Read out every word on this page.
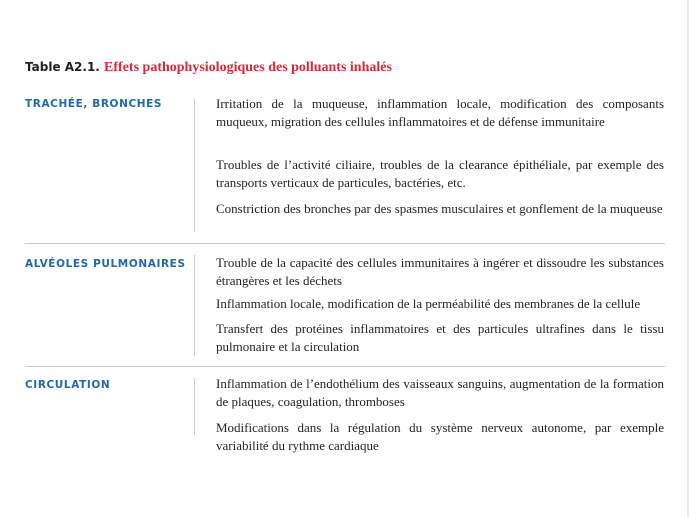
Table A2.1. Effets pathophysiologiques des polluants inhalés
TRACHÉE, BRONCHES	Irritation de la muqueuse, inflammation locale, modification des composants muqueux, migration des cellules inflammatoires et de défense immunitaire

Troubles de l’activité ciliaire, troubles de la clearance épithéliale, par exemple des transports verticaux de particules, bactéries, etc.

Constriction des bronches par des spasmes musculaires et gonflement de la muqueuse

ALVÉOLES PULMONAIRES Trouble de la capacité des cellules immunitaires à ingérer et dissoudre les substances étrangères et les déchets

Inflammation locale, modification de la perméabilité des membranes de la cellule

Transfert des protéines inflammatoires et des particules ultrafines dans le tissu pulmonaire et la circulation

CIRCULATION	Inflammation de l’endothélium des vaisseaux sanguins, augmentation de la formation de plaques, coagulation, thromboses

Modifications dans la régulation du système nerveux autonome, par exemple variabilité du rythme cardiaque
